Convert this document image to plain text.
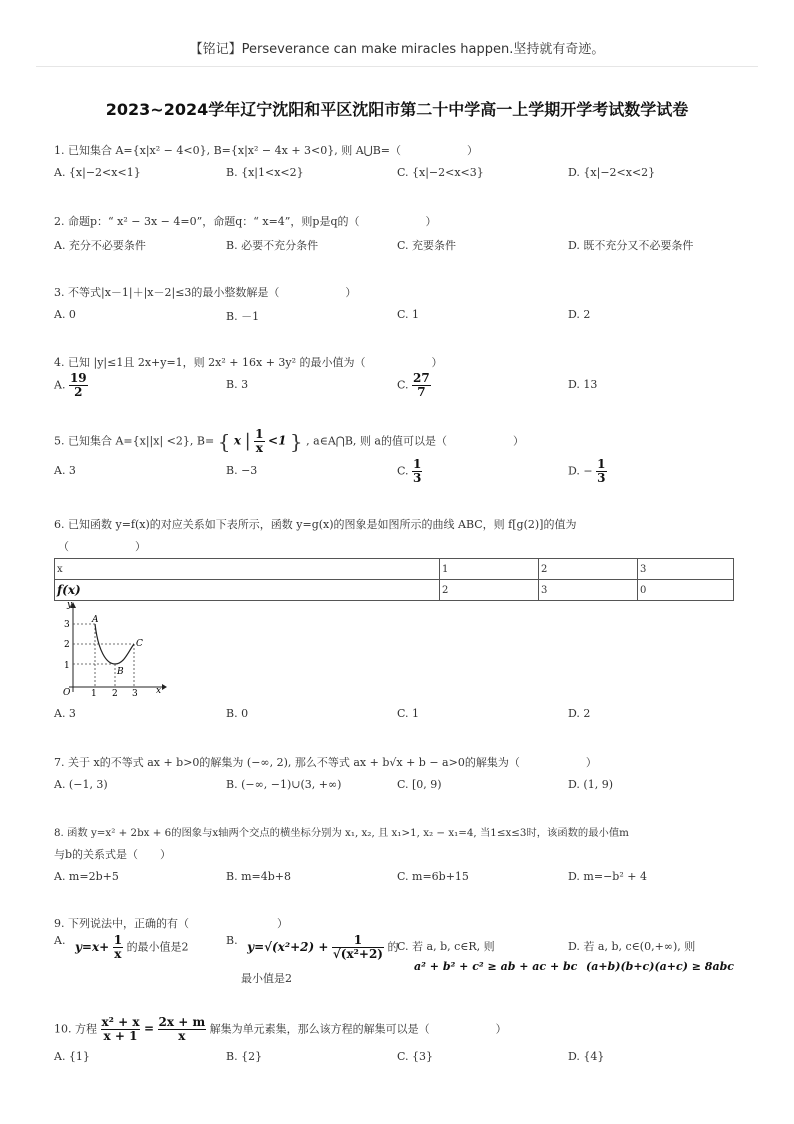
【铭记】Perseverance can make miracles happen.坚持就有奇迹。
2023~2024学年辽宁沈阳和平区沈阳市第二十中学高一上学期开学考试数学试卷
1. 已知集合 A={x|x² − 4<0}, B={x|x² − 4x + 3<0}, 则 A⋃B=（　　　　　　）
A. {x|−2<x<1}	B. {x|1<x<2}	C. {x|−2<x<3}	D. {x|−2<x<2}
2. 命题p：“ x² − 3x − 4=0”，命题q：“ x=4”，则p是q的（　　　　　　）
A. 充分不必要条件	B. 必要不充分条件	C. 充要条件	D. 既不充分又不必要条件
3. 不等式|x－1|＋|x－2|≤3的最小整数解是（　　　　　　）
A. 0	B. －1	C. 1	D. 2
4. 已知 |y|≤1且 2x+y=1，则 2x² + 16x + 3y² 的最小值为（　　　　　　）
A. $\frac{19}{2}$	B. 3	C. $\frac{27}{7}$	D. 13
5. 已知集合 A={x||x| <2}, B= { x | $\frac{1}{x} <1$ } , a∈A⋂B, 则 a的值可以是（　　　　　　）
A. 3	B. −3	C. $\frac{1}{3}$	D. − $\frac{1}{3}$
6. 已知函数 y=f(x)的对应关系如下表所示，函数 y=g(x)的图象是如图所示的曲线 ABC，则 f[g(2)]的值为
（　　　　　　）
x	1	2	3
f(x)	2	3	0
y
x
O
1
2
3
1 2 3
A
B
C
A. 3	B. 0	C. 1	D. 2
7. 关于 x的不等式 ax + b>0的解集为 (−∞, 2), 那么不等式 ax + b√x + b − a>0的解集为（　　　　　　）
A. (−1, 3)	B. (−∞, −1)∪(3, +∞)	C. [0, 9)	D. (1, 9)
8. 函数 y=x² + 2bx + 6的图象与x轴两个交点的横坐标分别为 x₁, x₂, 且 x₁>1, x₂ − x₁=4, 当1≤x≤3时，该函数的最小值m
与b的关系式是（　　）
A. m=2b+5	B. m=4b+8	C. m=6b+15	D. m=−b² + 4
9. 下列说法中，正确的有（　　　　　　　　）
A. $y=x+ \frac{1}{x}$ 的最小值是2	B. $y=√(x^2+2) + \frac{1}{\text{√(x²+2)}}$ 的
最小值是2
C. 若 a, b, c∈R, 则
a² + b² + c² ≥ ab + ac + bc
D. 若 a, b, c∈(0,+∞), 则
(a+b)(b+c)(a+c) ≥ 8abc
10. 方程 $\frac{\text{x² + x}}{x + 1} = \frac{2x + m}{x}$ 解集为单元素集，那么该方程的解集可以是（　　　　　　）
A. {1}	B. {2}	C. {3}	D. {4}
